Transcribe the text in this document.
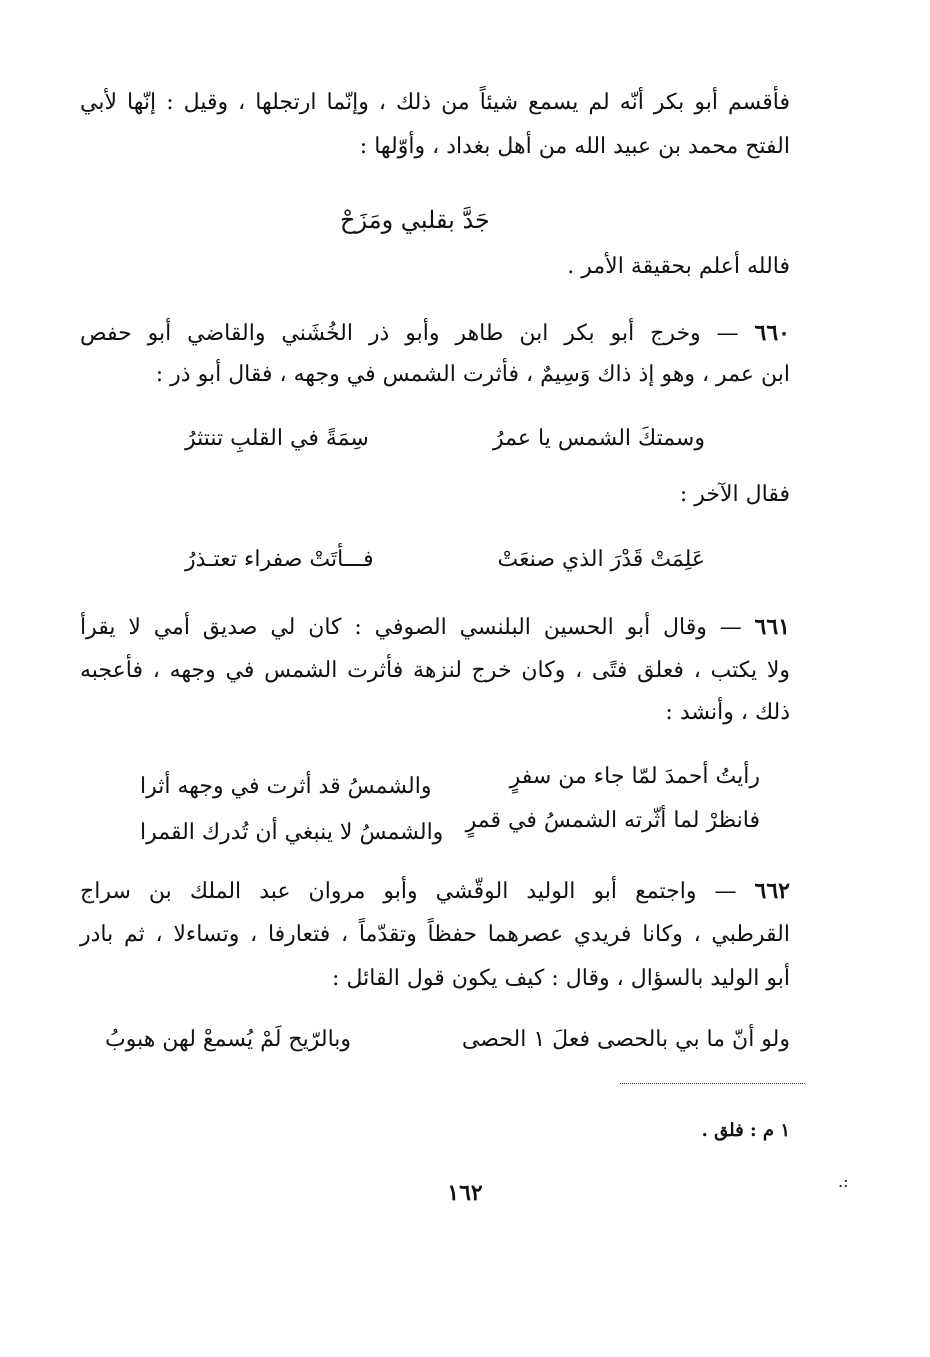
فأقسم أبو بكر أنّه لم يسمع شيئاً من ذلك ، وإنّما ارتجلها ، وقيل : إنّها لأبي
الفتح محمد بن عبيد الله من أهل بغداد ، وأوّلها :
جَدَّ بقلبي ومَزَحْ
فالله أعلم بحقيقة الأمر .
٦٦٠ — وخرج أبو بكر ابن طاهر وأبو ذر الخُشَني والقاضي أبو حفص
ابن عمر ، وهو إذ ذاك وَسِيمٌ ، فأثرت الشمس في وجهه ، فقال أبو ذر :
وسمتكَ الشمس يا عمرُ
سِمَةً في القلبِ تنتثرُ
فقال الآخر :
عَلِمَتْ قَدْرَ الذي صنعَتْ
فـــأتَتْ صفراء تعتـذرُ
٦٦١ — وقال أبو الحسين البلنسي الصوفي : كان لي صديق أمي لا يقرأ
ولا يكتب ، فعلق فتًى ، وكان خرج لنزهة فأثرت الشمس في وجهه ، فأعجبه
ذلك ، وأنشد :
رأيتُ أحمدَ لمّا جاء من سفرٍ
والشمسُ قد أثرت في وجهه أثرا
فانظرْ لما أثّرته الشمسُ في قمرٍ
والشمسُ لا ينبغي أن تُدرك القمرا
٦٦٢ — واجتمع أبو الوليد الوقّشي وأبو مروان عبد الملك بن سراج
القرطبي ، وكانا فريدي عصرهما حفظاً وتقدّماً ، فتعارفا ، وتساءلا ، ثم بادر
أبو الوليد بالسؤال ، وقال : كيف يكون قول القائل :
ولو أنّ ما بي بالحصى فعلَ ١ الحصى
وبالرّيح لَمْ يُسمعْ لهن هبوبُ
١ م : فلق .
.:
١٦٢
